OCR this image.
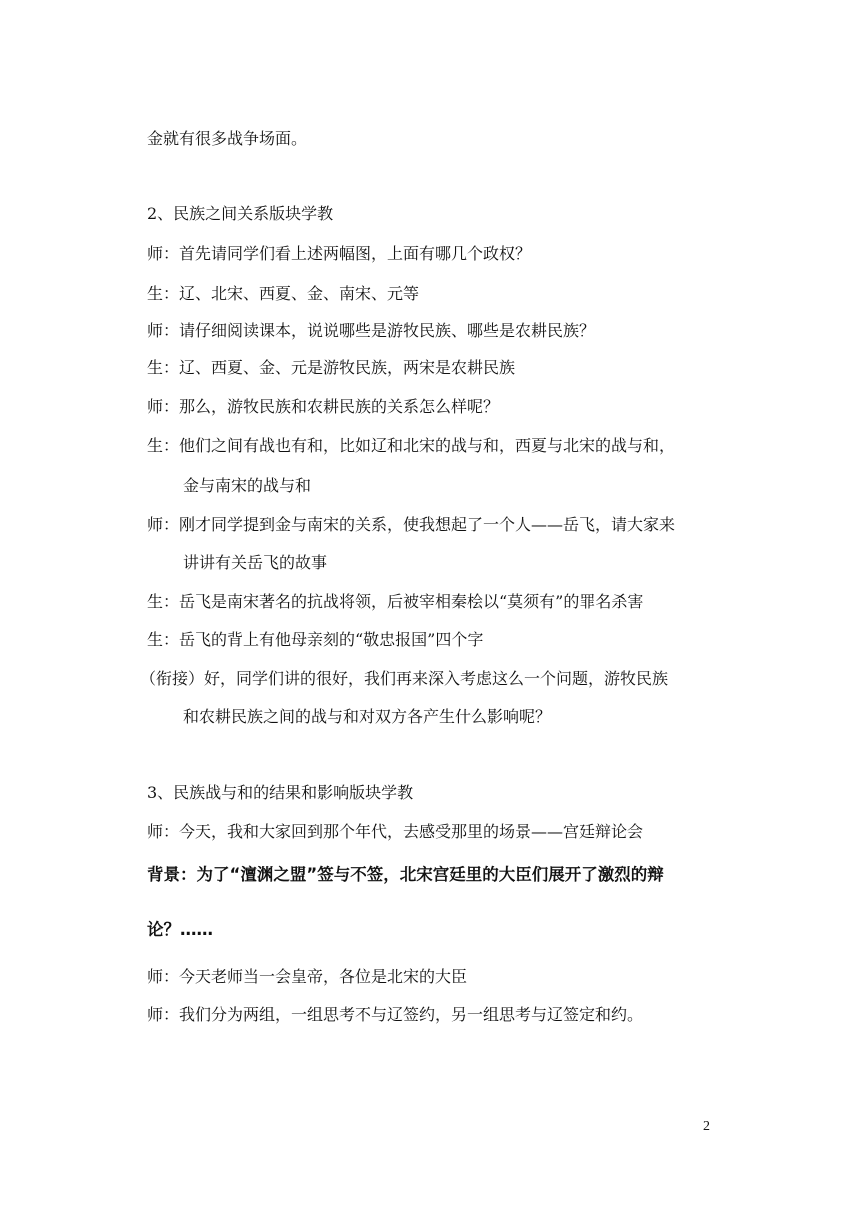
金就有很多战争场面。
2、民族之间关系版块学教
师：首先请同学们看上述两幅图，上面有哪几个政权？
生：辽、北宋、西夏、金、南宋、元等
师：请仔细阅读课本，说说哪些是游牧民族、哪些是农耕民族？
生：辽、西夏、金、元是游牧民族，两宋是农耕民族
师：那么，游牧民族和农耕民族的关系怎么样呢？
生：他们之间有战也有和，比如辽和北宋的战与和，西夏与北宋的战与和，
金与南宋的战与和
师：刚才同学提到金与南宋的关系，使我想起了一个人——岳飞，请大家来
讲讲有关岳飞的故事
生：岳飞是南宋著名的抗战将领，后被宰相秦桧以“莫须有”的罪名杀害
生：岳飞的背上有他母亲刻的“敬忠报国”四个字
（衔接）好，同学们讲的很好，我们再来深入考虑这么一个问题，游牧民族
和农耕民族之间的战与和对双方各产生什么影响呢？
3、民族战与和的结果和影响版块学教
师：今天，我和大家回到那个年代，去感受那里的场景——宫廷辩论会
背景：为了“澶渊之盟”签与不签，北宋宫廷里的大臣们展开了激烈的辩
论？……
师：今天老师当一会皇帝，各位是北宋的大臣
师：我们分为两组，一组思考不与辽签约，另一组思考与辽签定和约。
2
